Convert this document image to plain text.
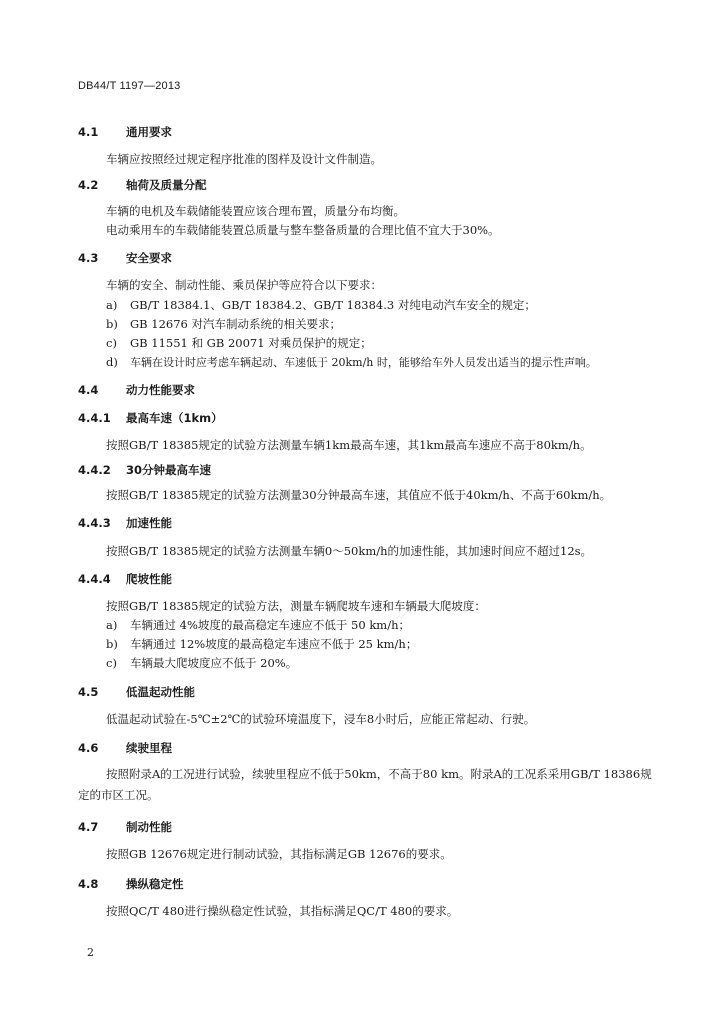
DB44/T 1197—2013
4.1 通用要求
车辆应按照经过规定程序批准的图样及设计文件制造。
4.2 轴荷及质量分配
车辆的电机及车载储能装置应该合理布置，质量分布均衡。
电动乘用车的车载储能装置总质量与整车整备质量的合理比值不宜大于30%。
4.3 安全要求
车辆的安全、制动性能、乘员保护等应符合以下要求：
a) GB/T 18384.1、GB/T 18384.2、GB/T 18384.3 对纯电动汽车安全的规定；
b) GB 12676 对汽车制动系统的相关要求；
c) GB 11551 和 GB 20071 对乘员保护的规定；
d) 车辆在设计时应考虑车辆起动、车速低于 20km/h 时，能够给车外人员发出适当的提示性声响。
4.4 动力性能要求
4.4.1 最高车速（1km）
按照GB/T 18385规定的试验方法测量车辆1km最高车速，其1km最高车速应不高于80km/h。
4.4.2 30分钟最高车速
按照GB/T 18385规定的试验方法测量30分钟最高车速，其值应不低于40km/h、不高于60km/h。
4.4.3 加速性能
按照GB/T 18385规定的试验方法测量车辆0～50km/h的加速性能，其加速时间应不超过12s。
4.4.4 爬坡性能
按照GB/T 18385规定的试验方法，测量车辆爬坡车速和车辆最大爬坡度：
a) 车辆通过 4%坡度的最高稳定车速应不低于 50 km/h；
b) 车辆通过 12%坡度的最高稳定车速应不低于 25 km/h；
c) 车辆最大爬坡度应不低于 20%。
4.5 低温起动性能
低温起动试验在-5℃±2℃的试验环境温度下，浸车8小时后，应能正常起动、行驶。
4.6 续驶里程
按照附录A的工况进行试验，续驶里程应不低于50km，不高于80 km。附录A的工况系采用GB/T 18386规定的市区工况。
4.7 制动性能
按照GB 12676规定进行制动试验，其指标满足GB 12676的要求。
4.8 操纵稳定性
按照QC/T 480进行操纵稳定性试验，其指标满足QC/T 480的要求。
2
